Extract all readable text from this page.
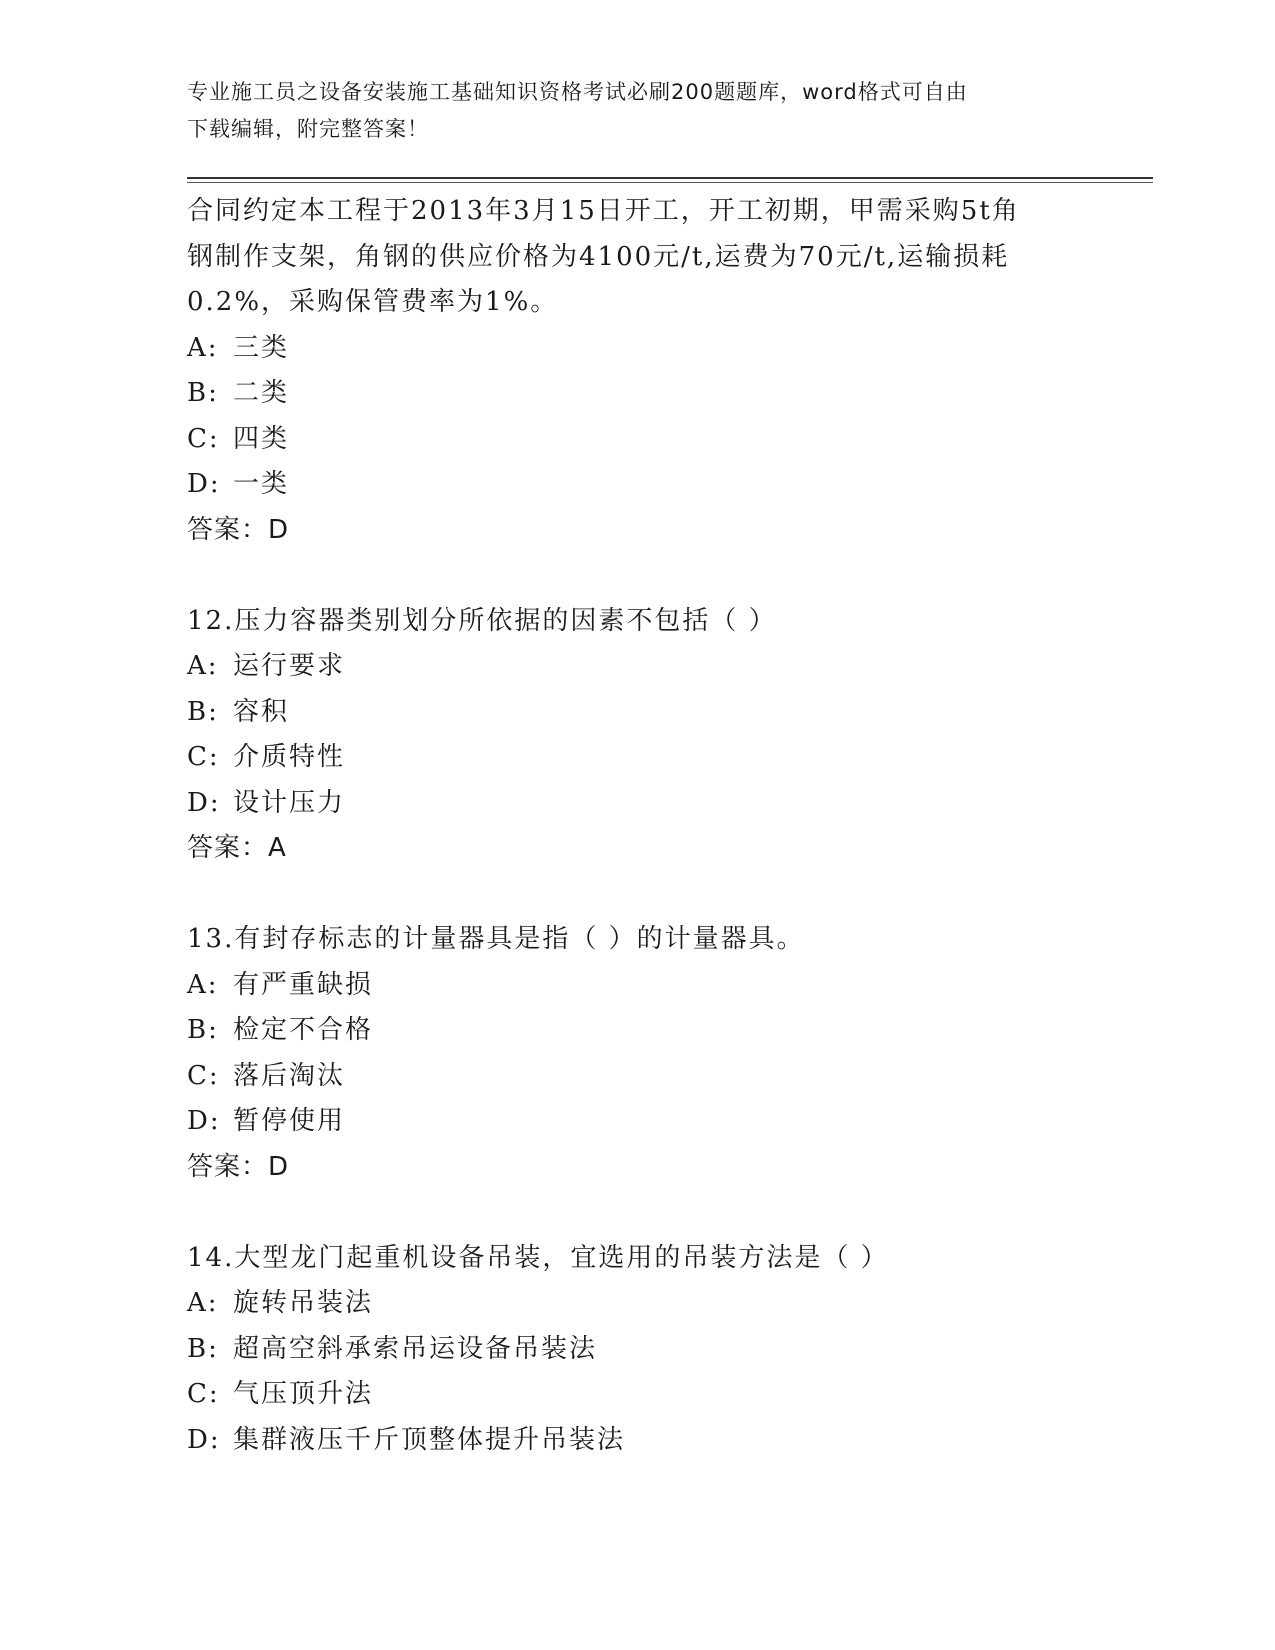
专业施工员之设备安装施工基础知识资格考试必刷200题题库，word格式可自由
下载编辑，附完整答案！
合同约定本工程于2013年3月15日开工，开工初期，甲需采购5t角
钢制作支架，角钢的供应价格为4100元/t,运费为70元/t,运输损耗
0.2%，采购保管费率为1%。
A: 三类
B: 二类
C: 四类
D: 一类
答案：D
12.压力容器类别划分所依据的因素不包括（ ）
A: 运行要求
B: 容积
C: 介质特性
D: 设计压力
答案：A
13.有封存标志的计量器具是指（ ）的计量器具。
A: 有严重缺损
B: 检定不合格
C: 落后淘汰
D: 暂停使用
答案：D
14.大型龙门起重机设备吊装，宜选用的吊装方法是（ ）
A: 旋转吊装法
B: 超高空斜承索吊运设备吊装法
C: 气压顶升法
D: 集群液压千斤顶整体提升吊装法
